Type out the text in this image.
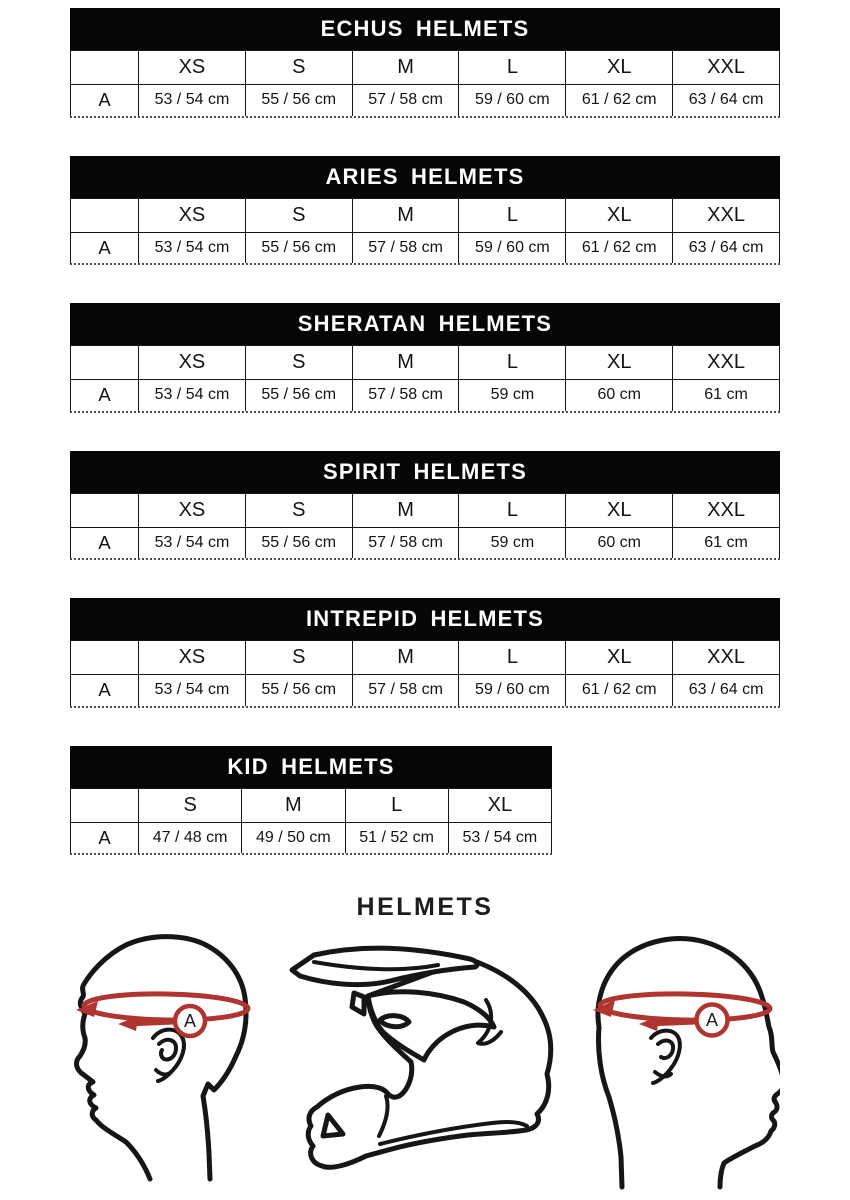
ECHUS HELMETS
	XS	S	M	L	XL	XXL
A	53 / 54 cm	55 / 56 cm	57 / 58 cm	59 / 60 cm	61 / 62 cm	63 / 64 cm
ARIES HELMETS
	XS	S	M	L	XL	XXL
A	53 / 54 cm	55 / 56 cm	57 / 58 cm	59 / 60 cm	61 / 62 cm	63 / 64 cm
SHERATAN HELMETS
	XS	S	M	L	XL	XXL
A	53 / 54 cm	55 / 56 cm	57 / 58 cm	59 cm	60 cm	61 cm
SPIRIT HELMETS
	XS	S	M	L	XL	XXL
A	53 / 54 cm	55 / 56 cm	57 / 58 cm	59 cm	60 cm	61 cm
INTREPID HELMETS
	XS	S	M	L	XL	XXL
A	53 / 54 cm	55 / 56 cm	57 / 58 cm	59 / 60 cm	61 / 62 cm	63 / 64 cm
KID HELMETS
	S	M	L	XL
A	47 / 48 cm	49 / 50 cm	51 / 52 cm	53 / 54 cm
HELMETS
A	A
